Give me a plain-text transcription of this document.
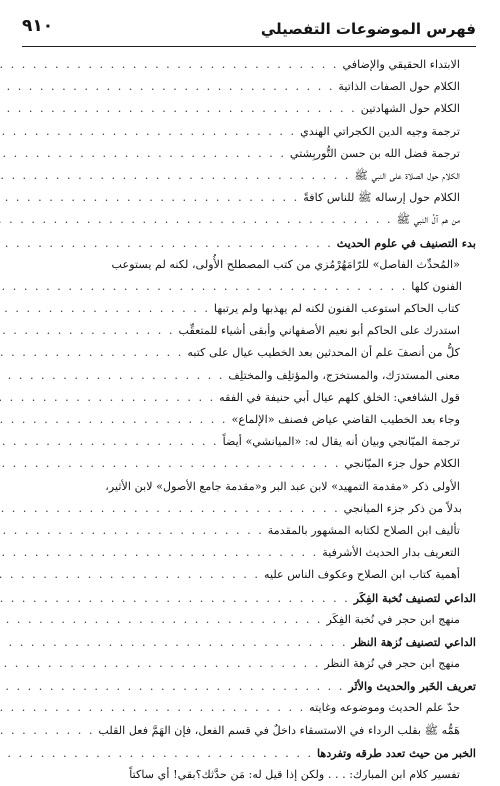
فهرس الموضوعات التفصيلي
٩١٠
الابتداء الحقيقي والإضافي
. . .
الكلام حول الصفات الذاتية
. . .
الكلام حول الشهادتين
. . .
ترجمة وجيه الدين الكجراتي الهندي
. . .
ترجمة فضل الله بن حسن التُّوربِشتي
. . .
الكلام حول الصلاة على النبي ﷺ
. . .
الكلام حول إرساله ﷺ للناس كافةً
. . .
من هم آلُ النبي ﷺ
. . .
بدء التصنيف في علوم الحديث
. . .
«المُحدِّث الفاصل» للرّامَهُرْمُزي من كتب المصطلح الأُولى، لكنه لم يستوعب
الفنون كلها
. . .
كتاب الحاكم استوعب الفنون لكنه لم يهذبها ولم يرتبها
. . .
استدرك على الحاكم أبو نعيم الأصفهاني وأبقى أشياء للمتعقِّب
. . .
كلُّ من أنصفَ علم أن المحدثين بعد الخطيب عيال على كتبه
. . .
معنى المستدرَك، والمستخرَج، والمؤتلِف والمختلِف
. . .
قول الشافعي: الخلق كلهم عيال أبي حنيفة في الفقه
. . .
وجاء بعد الخطيب القاضي عياض فصنف «الإلماع»
. . .
ترجمة الميّانجي وبيان أنه يقال له: «الميانشي» أيضاً
. . .
الكلام حول جزء الميّانجي
. . .
الأولى ذكر «مقدمة التمهيد» لابن عبد البر و«مقدمة جامع الأصول» لابن الأثير،
بدلاً من ذكر جزء الميانجي
. . .
تأليف ابن الصلاح لكتابه المشهور بالمقدمة
. . .
التعريف بدار الحديث الأشرفية
. . .
أهمية كتاب ابن الصلاح وعكوف الناس عليه
. . .
الداعي لتصنيف نُخبة الفِكَر
. . .
منهج ابن حجر في نُخبة الفِكَر
. . .
الداعي لتصنيف نُزهة النظر
. . .
منهج ابن حجر في نُزهة النظر
. . .
تعريف الخَبر والحديث والأثَر
. . .
حدّ علم الحديث وموضوعه وغايته
. . .
هَمُّه ﷺ بقلب الرداء في الاستسقاء داخلٌ في قسم الفعل، فإن الهَمَّ فعل القلب
. . .
الخبر من حيث تعدد طرقه وتفردها
. . .
تفسير كلام ابن المبارك: . . . ولكن إذا قيل له: مَن حدَّثك؟بقي! أي ساكتاً
